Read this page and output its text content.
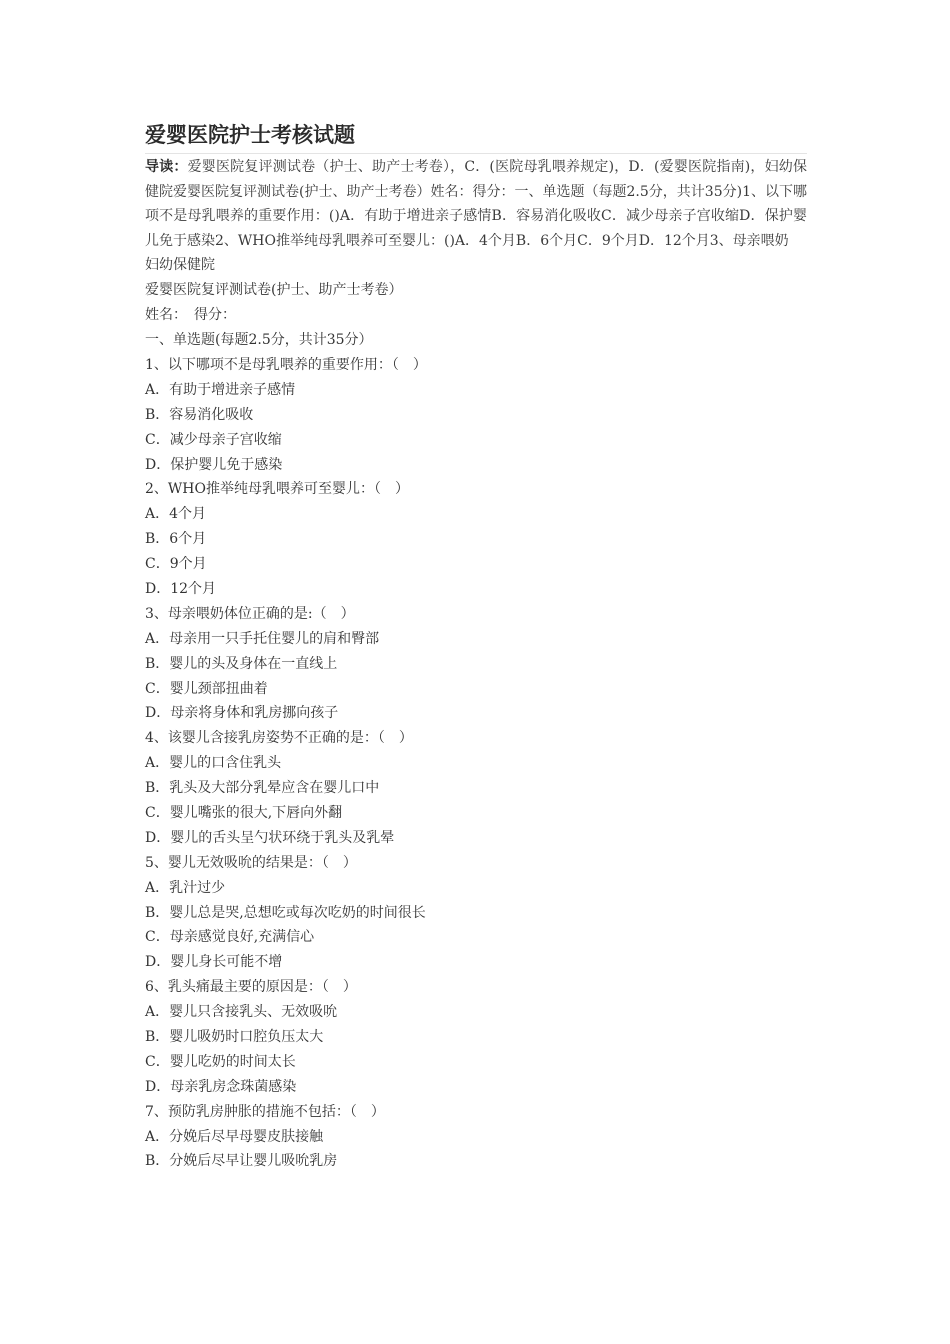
爱婴医院护士考核试题

导读：爱婴医院复评测试卷（护士、助产士考卷），C．(医院母乳喂养规定)，D．(爱婴医院指南)，妇幼保健院爱婴医院复评测试卷(护士、助产士考卷）姓名：得分：一、单选题（每题2.5分，共计35分)1、以下哪项不是母乳喂养的重要作用：()A．有助于增进亲子感情B．容易消化吸收C．减少母亲子宫收缩D．保护婴儿免于感染2、WHO推举纯母乳喂养可至婴儿：()A．4个月B．6个月C．9个月D．12个月3、母亲喂奶

妇幼保健院
爱婴医院复评测试卷(护士、助产士考卷）
姓名：　得分：
一、单选题(每题2.5分，共计35分）
1、以下哪项不是母乳喂养的重要作用：（　）
A．有助于增进亲子感情
B．容易消化吸收
C．减少母亲子宫收缩
D．保护婴儿免于感染
2、WHO推举纯母乳喂养可至婴儿：（　）
A．4个月
B．6个月
C．9个月
D．12个月
3、母亲喂奶体位正确的是:（　）
A．母亲用一只手托住婴儿的肩和臀部
B．婴儿的头及身体在一直线上
C．婴儿颈部扭曲着
D．母亲将身体和乳房挪向孩子
4、该婴儿含接乳房姿势不正确的是：（　）
A．婴儿的口含住乳头
B．乳头及大部分乳晕应含在婴儿口中
C．婴儿嘴张的很大,下唇向外翻
D．婴儿的舌头呈勺状环绕于乳头及乳晕
5、婴儿无效吸吮的结果是：（　）
A．乳汁过少
B．婴儿总是哭,总想吃或每次吃奶的时间很长
C．母亲感觉良好,充满信心
D．婴儿身长可能不增
6、乳头痛最主要的原因是：（　）
A．婴儿只含接乳头、无效吸吮
B．婴儿吸奶时口腔负压太大
C．婴儿吃奶的时间太长
D．母亲乳房念珠菌感染
7、预防乳房肿胀的措施不包括：（　）
A．分娩后尽早母婴皮肤接触
B．分娩后尽早让婴儿吸吮乳房
